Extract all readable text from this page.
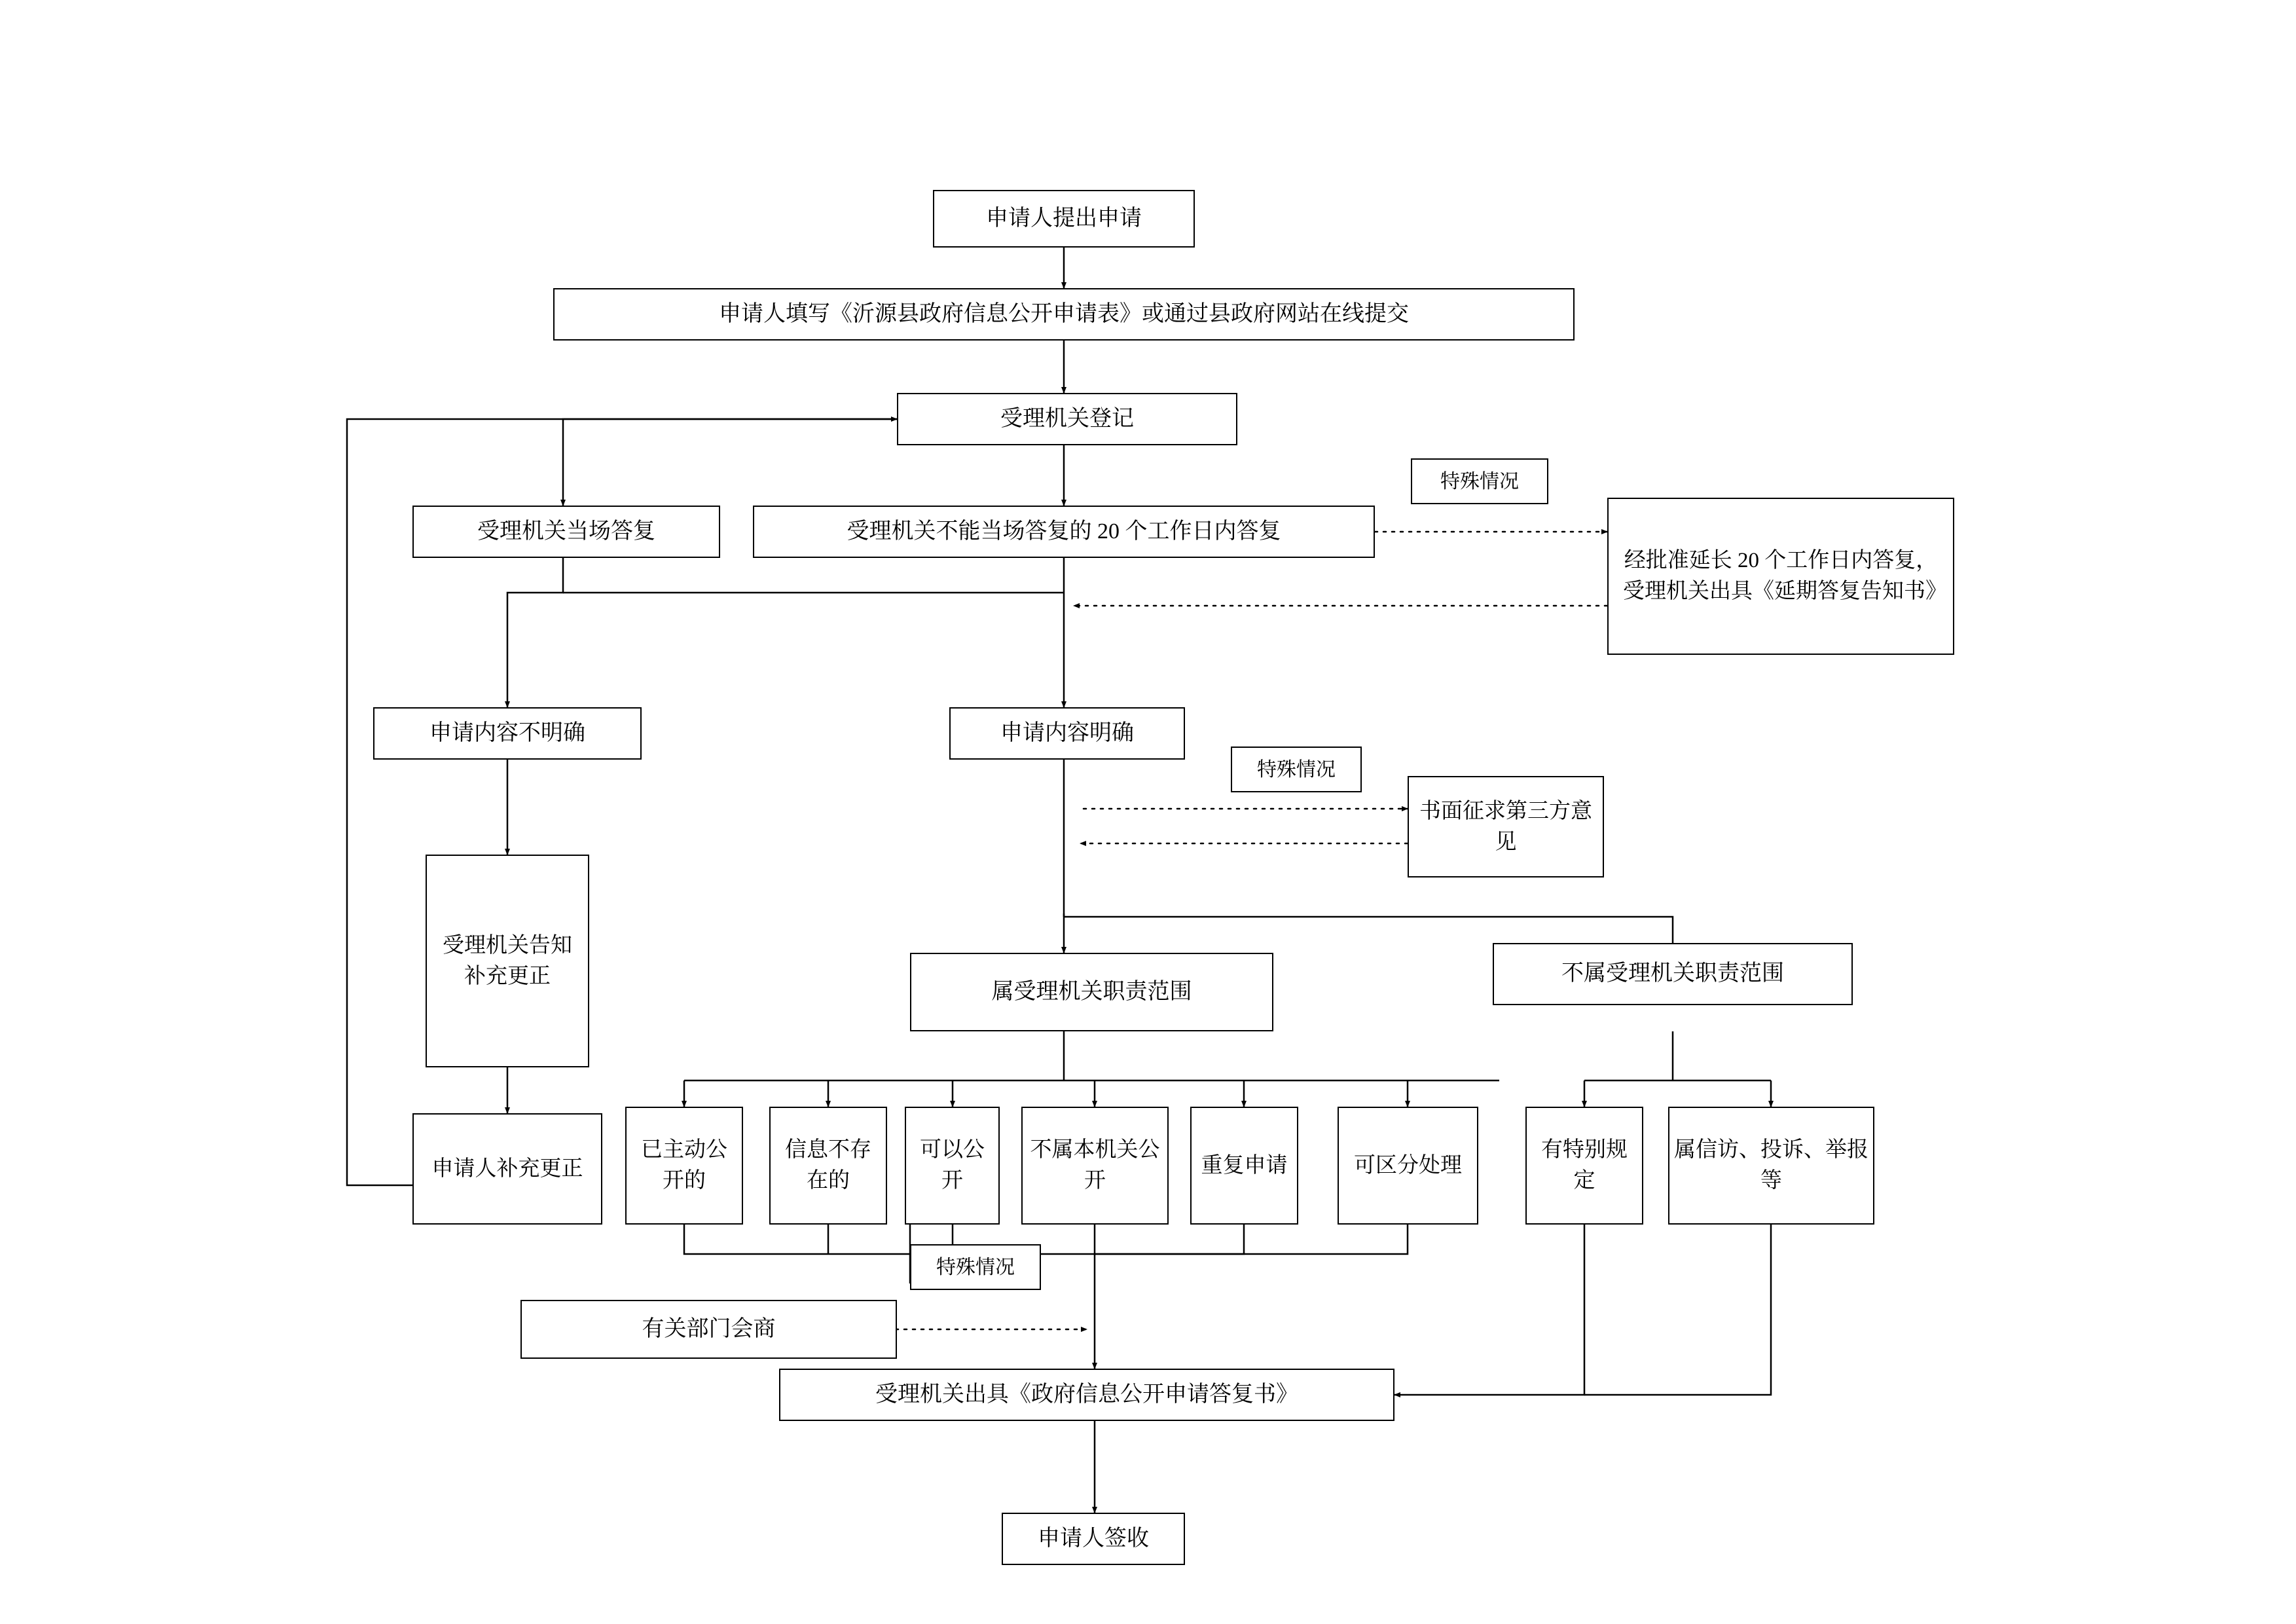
申请人提出申请
申请人填写《沂源县政府信息公开申请表》或通过县政府网站在线提交
受理机关登记
受理机关当场答复	受理机关不能当场答复的 20 个工作日内答复
经批准延长 20 个工作日内答复，受理机关出具《延期答复告知书》
申请内容不明确	申请内容明确
书面征求第三方意见
受理机关告知补充更正
申请人补充更正
属受理机关职责范围
不属受理机关职责范围
已主动公开的
信息不存在的
可以公开
不属本机关公开
重复申请	可区分处理
有特别规定
属信访、投诉、举报等
有关部门会商
受理机关出具《政府信息公开申请答复书》
申请人签收
特殊情况
特殊情况
特殊情况
